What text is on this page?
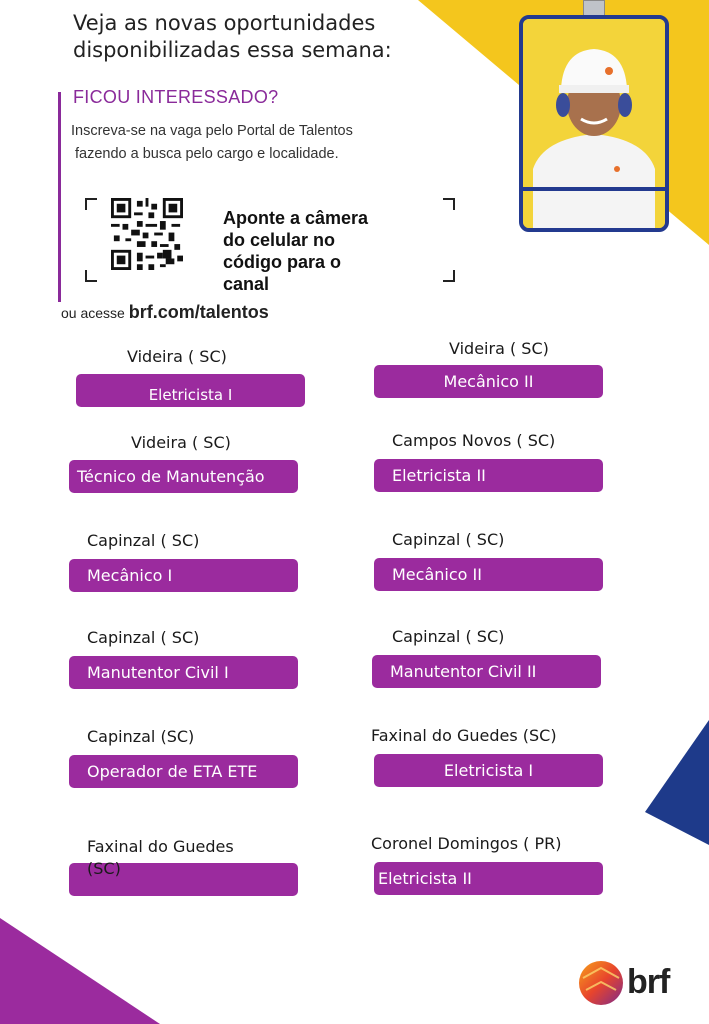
Veja as novas oportunidades
disponibilizadas essa semana:
FICOU INTERESSADO?
Inscreva-se na vaga pelo Portal de Talentos
fazendo a busca pelo cargo e localidade.
Aponte a câmera
do celular no
código para o
canal
ou acesse brf.com/talentos
Videira ( SC)
Eletricista I
Videira ( SC)
Mecânico II
Videira ( SC)
Técnico de Manutenção
Campos Novos ( SC)
Eletricista II
Capinzal ( SC)
Mecânico I
Capinzal ( SC)
Mecânico II
Capinzal ( SC)
Manutentor Civil I
Capinzal ( SC)
Manutentor Civil II
Capinzal (SC)
Operador de ETA ETE
Faxinal do Guedes (SC)
Eletricista I
Faxinal do Guedes
(SC)
Coronel Domingos ( PR)
Eletricista II
brf
